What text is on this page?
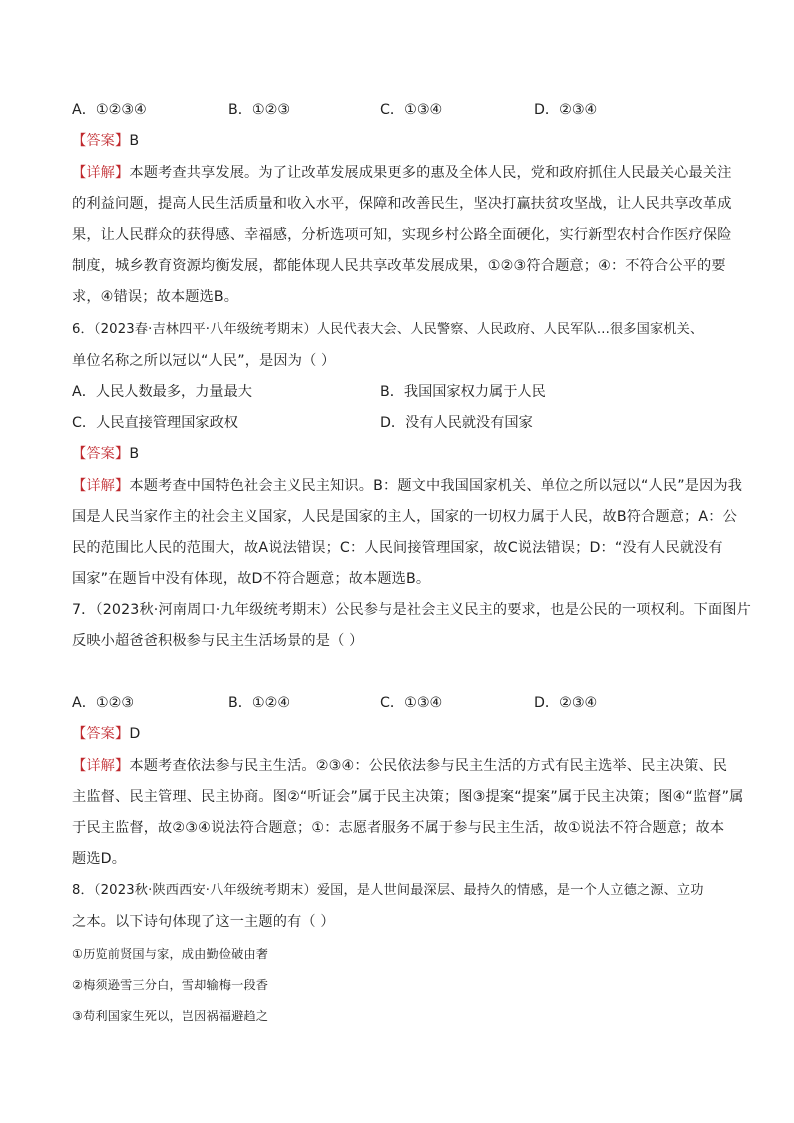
A．①②③④	B．①②③	C．①③④	D．②③④
【答案】B
【详解】本题考查共享发展。为了让改革发展成果更多的惠及全体人民，党和政府抓住人民最关心最关注
的利益问题，提高人民生活质量和收入水平，保障和改善民生，坚决打赢扶贫攻坚战，让人民共享改革成
果，让人民群众的获得感、幸福感，分析选项可知，实现乡村公路全面硬化，实行新型农村合作医疗保险
制度，城乡教育资源均衡发展，都能体现人民共享改革发展成果，①②③符合题意；④：不符合公平的要
求，④错误；故本题选B。
6．（2023春·吉林四平·八年级统考期末）人民代表大会、人民警察、人民政府、人民军队...很多国家机关、
单位名称之所以冠以“人民”，是因为（ ）
A．人民人数最多，力量最大	B．我国国家权力属于人民
C．人民直接管理国家政权	D．没有人民就没有国家
【答案】B
【详解】本题考查中国特色社会主义民主知识。B：题文中我国国家机关、单位之所以冠以“人民”是因为我
国是人民当家作主的社会主义国家，人民是国家的主人，国家的一切权力属于人民，故B符合题意；A：公
民的范围比人民的范围大，故A说法错误；C：人民间接管理国家，故C说法错误；D：“没有人民就没有
国家”在题旨中没有体现，故D不符合题意；故本题选B。
7．（2023秋·河南周口·九年级统考期末）公民参与是社会主义民主的要求，也是公民的一项权利。下面图片
反映小超爸爸积极参与民主生活场景的是（ ）
A．①②③	B．①②④	C．①③④	D．②③④
【答案】D
【详解】本题考查依法参与民主生活。②③④：公民依法参与民主生活的方式有民主选举、民主决策、民
主监督、民主管理、民主协商。图②“听证会”属于民主决策；图③提案“提案”属于民主决策；图④“监督”属
于民主监督，故②③④说法符合题意；①：志愿者服务不属于参与民主生活，故①说法不符合题意；故本
题选D。
8．（2023秋·陕西西安·八年级统考期末）爱国，是人世间最深层、最持久的情感，是一个人立德之源、立功
之本。以下诗句体现了这一主题的有（ ）
①历览前贤国与家，成由勤俭破由奢
②梅须逊雪三分白，雪却输梅一段香
③苟利国家生死以，岂因祸福避趋之
